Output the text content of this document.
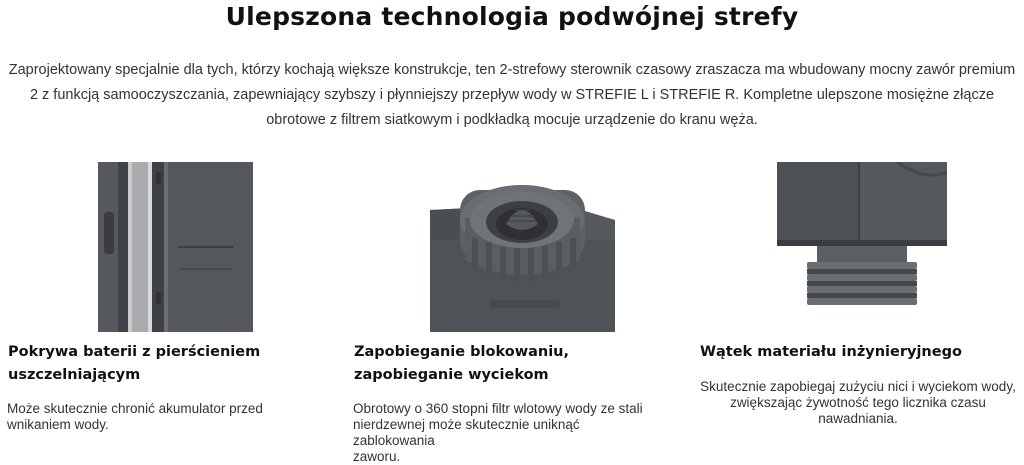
Ulepszona technologia podwójnej strefy
Zaprojektowany specjalnie dla tych, którzy kochają większe konstrukcje, ten 2-strefowy sterownik czasowy zraszacza ma wbudowany mocny zawór premium
2 z funkcją samooczyszczania, zapewniający szybszy i płynniejszy przepływ wody w STREFIE L i STREFIE R. Kompletne ulepszone mosiężne złącze
obrotowe z filtrem siatkowym i podkładką mocuje urządzenie do kranu węża.
Pokrywa baterii z pierścieniem
uszczelniającym
Może skutecznie chronić akumulator przed
wnikaniem wody.
Zapobieganie blokowaniu,
zapobieganie wyciekom
Obrotowy o 360 stopni filtr wlotowy wody ze stali
nierdzewnej może skutecznie uniknąć zablokowania
zaworu.
Wątek materiału inżynieryjnego
Skutecznie zapobiegaj zużyciu nici i wyciekom wody,
zwiększając żywotność tego licznika czasu
nawadniania.
